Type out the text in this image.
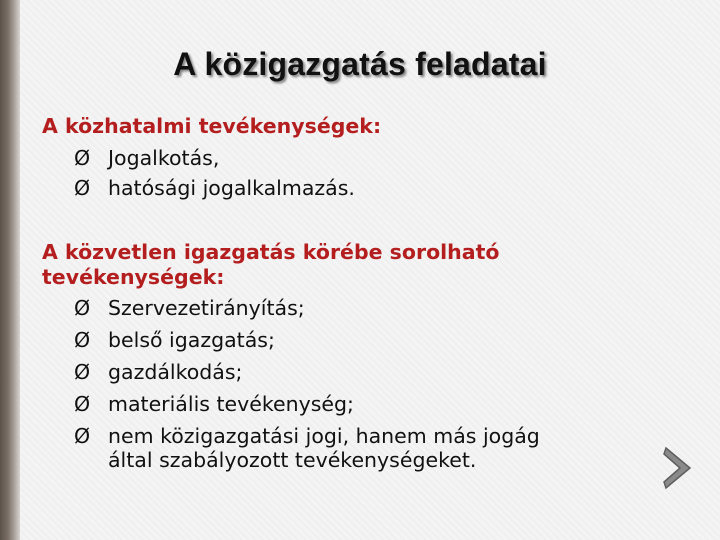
A közigazgatás feladatai
A közhatalmi tevékenységek:
Ø Jogalkotás,
Ø hatósági jogalkalmazás.
A közvetlen igazgatás körébe sorolható
tevékenységek:
Ø Szervezetirányítás;
Ø belső igazgatás;
Ø gazdálkodás;
Ø materiális tevékenység;
Ø nem közigazgatási jogi, hanem más jogág
által szabályozott tevékenységeket.
